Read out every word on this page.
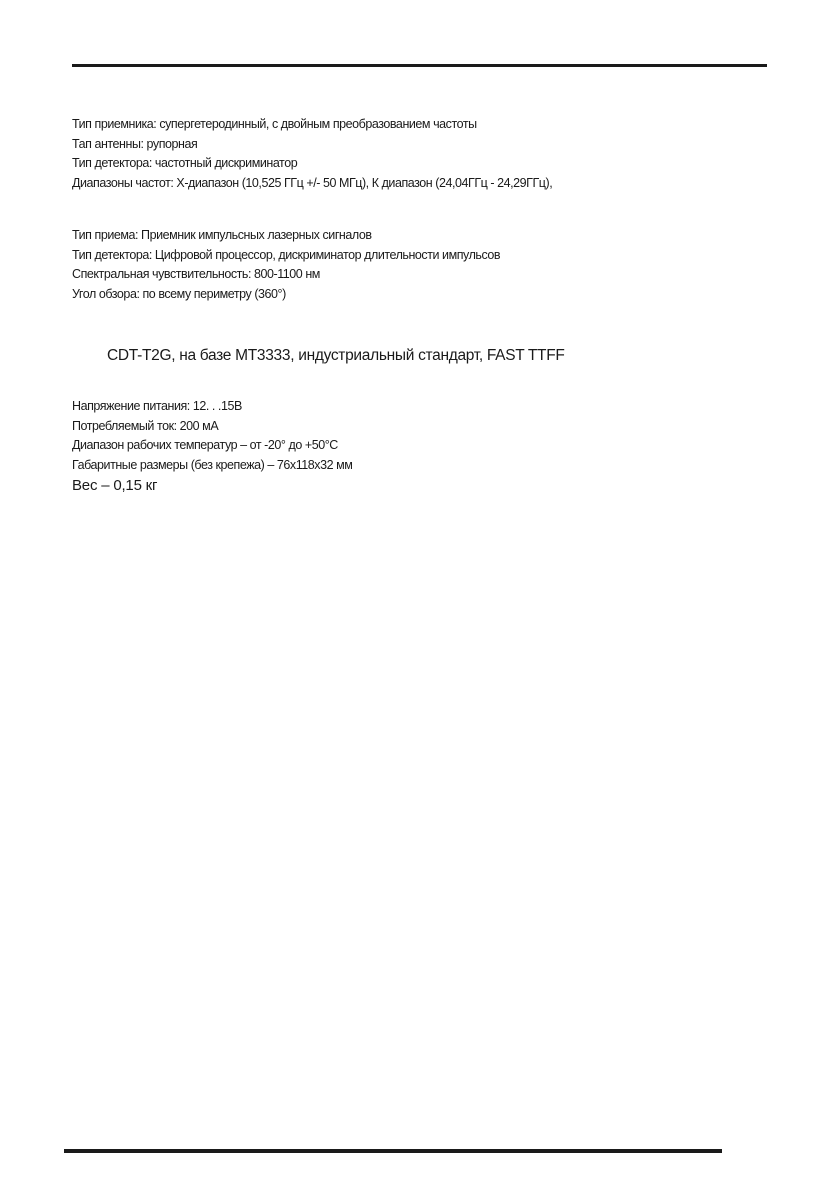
Тип приемника: супергетеродинный, с двойным преобразованием частоты
Тап антенны: рупорная
Тип детектора: частотный дискриминатор
Диапазоны частот: X-диапазон (10,525 ГГц +/- 50 МГц), К диапазон (24,04ГГц - 24,29ГГц),
Тип приема: Приемник импульсных лазерных сигналов
Тип детектора: Цифровой процессор, дискриминатор длительности импульсов
Спектральная чувствительность: 800-1100 нм
Угол обзора: по всему периметру (360°)
CDT-T2G, на базе MT3333, индустриальный стандарт, FAST TTFF
Напряжение питания: 12. . .15В
Потребляемый ток: 200 мА
Диапазон рабочих температур – от -20° до +50°С
Габаритные размеры (без крепежа) – 76х118х32 мм
Вес – 0,15 кг
